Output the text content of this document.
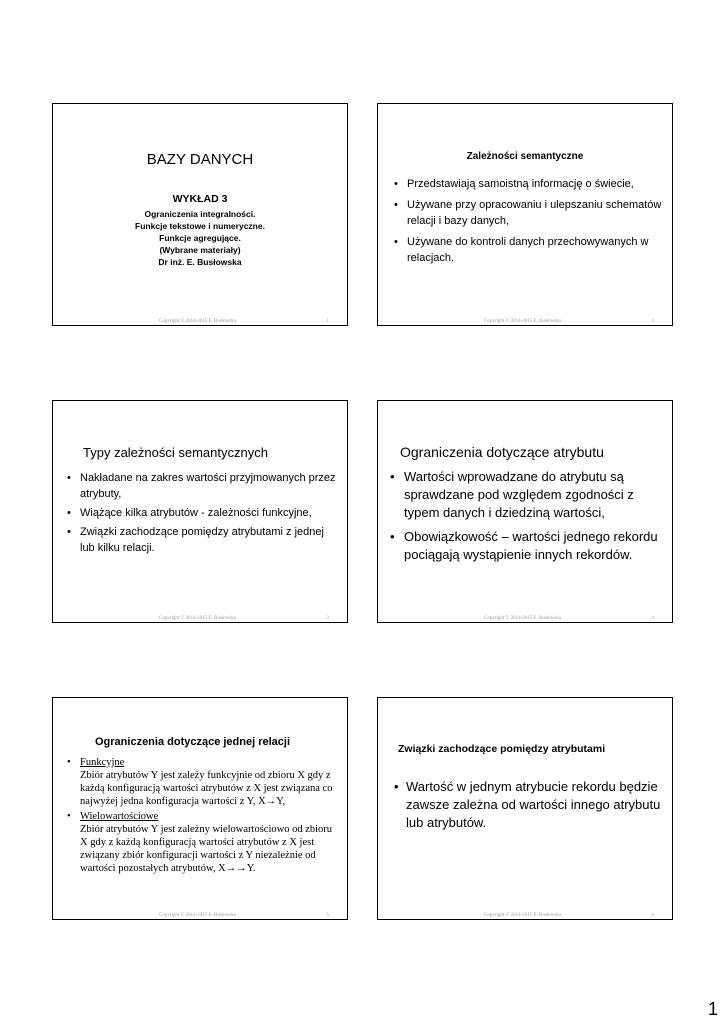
BAZY DANYCH
WYKŁAD 3
Ograniczenia integralności.
Funkcje tekstowe i numeryczne.
Funkcje agregujące.
(Wybrane materiały)
Dr inż. E. Busłowska
Copyright © 2014-2015 E. Busłowska	1
Zależności semantyczne
• Przedstawiają samoistną informację o świecie,
• Używane przy opracowaniu i ulepszaniu schematów relacji i bazy danych,
• Używane do kontroli danych przechowywanych w relacjach.
Copyright © 2014-2015 E. Busłowska	2
Typy zależności semantycznych
• Nakładane na zakres wartości przyjmowanych przez atrybuty,
• Wiążące kilka atrybutów - zależności funkcyjne,
• Związki zachodzące pomiędzy atrybutami z jednej lub kilku relacji.
Copyright © 2014-2015 E. Busłowska	3
Ograniczenia dotyczące atrybutu
• Wartości wprowadzane do atrybutu są sprawdzane pod względem zgodności z typem danych i dziedziną wartości,
• Obowiązkowość – wartości jednego rekordu pociągają wystąpienie innych rekordów.
Copyright © 2014-2015 E. Busłowska	4
Ograniczenia dotyczące jednej relacji
• Funkcyjne
Zbiór atrybutów Y jest zależy funkcyjnie od zbioru X gdy z każdą konfiguracją wartości atrybutów z X jest związana co najwyżej jedna konfiguracja wartości z Y, X→Y,
• Wielowartościowe
Zbiór atrybutów Y jest zależny wielowartościowo od zbioru X gdy z każdą konfiguracją wartości atrybutów z X jest związany zbiór konfiguracji wartości z Y niezależnie od wartości pozostałych atrybutów, X→→Y.
Copyright © 2014-2015 E. Busłowska	5
Związki zachodzące pomiędzy atrybutami
• Wartość w jednym atrybucie rekordu będzie zawsze zależna od wartości innego atrybutu lub atrybutów.
Copyright © 2014-2015 E. Busłowska	6
1
